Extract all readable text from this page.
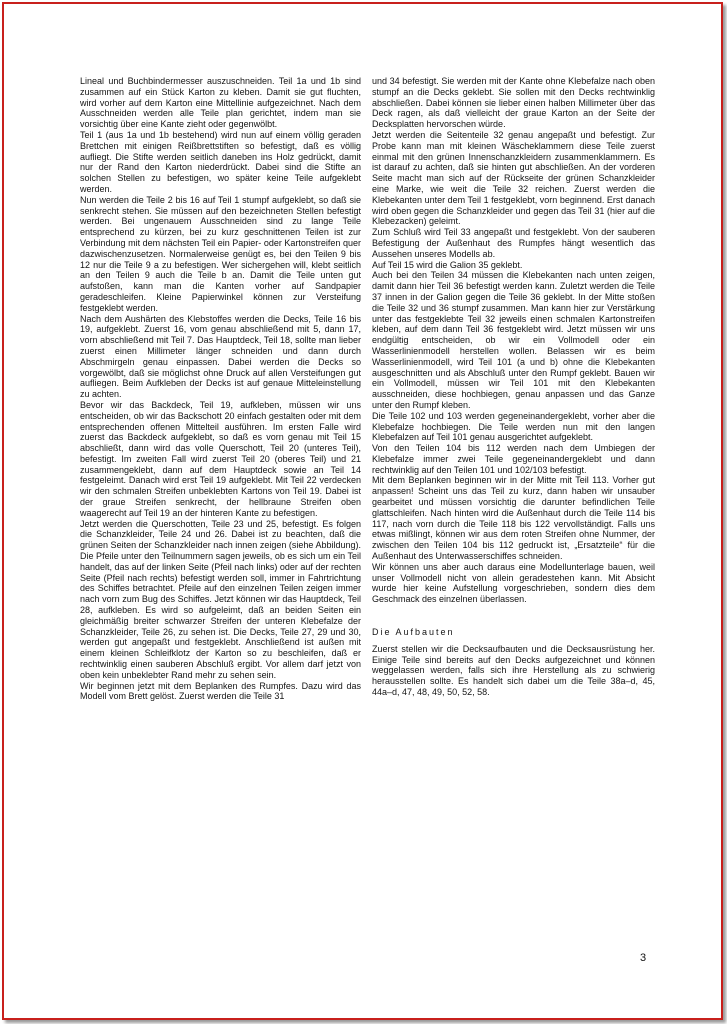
Lineal und Buchbindermesser auszuschneiden. Teil 1a und 1b sind zusammen auf ein Stück Karton zu kleben. Damit sie gut fluchten, wird vorher auf dem Karton eine Mittellinie aufgezeichnet. Nach dem Ausschneiden werden alle Teile plan gerichtet, indem man sie vorsichtig über eine Kante zieht oder gegenwölbt.

Teil 1 (aus 1a und 1b bestehend) wird nun auf einem völlig geraden Brettchen mit einigen Reißbrettstiften so befestigt, daß es völlig aufliegt. Die Stifte werden seitlich daneben ins Holz gedrückt, damit nur der Rand den Karton niederdrückt. Dabei sind die Stifte an solchen Stellen zu befestigen, wo später keine Teile aufgeklebt werden.

Nun werden die Teile 2 bis 16 auf Teil 1 stumpf aufgeklebt, so daß sie senkrecht stehen. Sie müssen auf den bezeichneten Stellen befestigt werden. Bei ungenauem Ausschneiden sind zu lange Teile entsprechend zu kürzen, bei zu kurz geschnittenen Teilen ist zur Verbindung mit dem nächsten Teil ein Papier- oder Kartonstreifen quer dazwischenzusetzen. Normalerweise genügt es, bei den Teilen 9 bis 12 nur die Teile 9 a zu befestigen. Wer sichergehen will, klebt seitlich an den Teilen 9 auch die Teile b an. Damit die Teile unten gut aufstoßen, kann man die Kanten vorher auf Sandpapier geradeschleifen. Kleine Papierwinkel können zur Versteifung festgeklebt werden.

Nach dem Aushärten des Klebstoffes werden die Decks, Teile 16 bis 19, aufgeklebt. Zuerst 16, vom genau abschließend mit 5, dann 17, vorn abschließend mit Teil 7. Das Hauptdeck, Teil 18, sollte man lieber zuerst einen Millimeter länger schneiden und dann durch Abschmirgeln genau einpassen. Dabei werden die Decks so vorgewölbt, daß sie möglichst ohne Druck auf allen Versteifungen gut aufliegen. Beim Aufkleben der Decks ist auf genaue Mitteleinstellung zu achten.

Bevor wir das Backdeck, Teil 19, aufkleben, müssen wir uns entscheiden, ob wir das Backschott 20 einfach gestalten oder mit dem entsprechenden offenen Mittelteil ausführen. Im ersten Falle wird zuerst das Backdeck aufgeklebt, so daß es vorn genau mit Teil 15 abschließt, dann wird das volle Querschott, Teil 20 (unteres Teil), befestigt. Im zweiten Fall wird zuerst Teil 20 (oberes Teil) und 21 zusammengeklebt, dann auf dem Hauptdeck sowie an Teil 14 festgeleimt. Danach wird erst Teil 19 aufgeklebt. Mit Teil 22 verdecken wir den schmalen Streifen unbeklebten Kartons von Teil 19. Dabei ist der graue Streifen senkrecht, der hellbraune Streifen oben waagerecht auf Teil 19 an der hinteren Kante zu befestigen.

Jetzt werden die Querschotten, Teile 23 und 25, befestigt. Es folgen die Schanzkleider, Teile 24 und 26. Dabei ist zu beachten, daß die grünen Seiten der Schanzkleider nach innen zeigen (siehe Abbildung). Die Pfeile unter den Teilnummern sagen jeweils, ob es sich um ein Teil handelt, das auf der linken Seite (Pfeil nach links) oder auf der rechten Seite (Pfeil nach rechts) befestigt werden soll, immer in Fahrtrichtung des Schiffes betrachtet. Pfeile auf den einzelnen Teilen zeigen immer nach vorn zum Bug des Schiffes. Jetzt können wir das Hauptdeck, Teil 28, aufkleben. Es wird so aufgeleimt, daß an beiden Seiten ein gleichmäßig breiter schwarzer Streifen der unteren Klebefalze der Schanzkleider, Teile 26, zu sehen ist. Die Decks, Teile 27, 29 und 30, werden gut angepaßt und festgeklebt. Anschließend ist außen mit einem kleinen Schleifklotz der Karton so zu beschleifen, daß er rechtwinklig einen sauberen Abschluß ergibt. Vor allem darf jetzt von oben kein unbeklebter Rand mehr zu sehen sein.

Wir beginnen jetzt mit dem Beplanken des Rumpfes. Dazu wird das Modell vom Brett gelöst. Zuerst werden die Teile 31

und 34 befestigt. Sie werden mit der Kante ohne Klebefalze nach oben stumpf an die Decks geklebt. Sie sollen mit den Decks rechtwinklig abschließen. Dabei können sie lieber einen halben Millimeter über das Deck ragen, als daß vielleicht der graue Karton an der Seite der Decksplatten hervorschen würde.

Jetzt werden die Seitenteile 32 genau angepaßt und befestigt. Zur Probe kann man mit kleinen Wäscheklammern diese Teile zuerst einmal mit den grünen Innenschanzkleidern zusammenklammern. Es ist darauf zu achten, daß sie hinten gut abschließen. An der vorderen Seite macht man sich auf der Rückseite der grünen Schanzkleider eine Marke, wie weit die Teile 32 reichen. Zuerst werden die Klebekanten unter dem Teil 1 festgeklebt, vorn beginnend. Erst danach wird oben gegen die Schanzkleider und gegen das Teil 31 (hier auf die Klebezacken) geleimt.

Zum Schluß wird Teil 33 angepaßt und festgeklebt. Von der sauberen Befestigung der Außenhaut des Rumpfes hängt wesentlich das Aussehen unseres Modells ab.

Auf Teil 15 wird die Galion 35 geklebt.

Auch bei den Teilen 34 müssen die Klebekanten nach unten zeigen, damit dann hier Teil 36 befestigt werden kann. Zuletzt werden die Teile 37 innen in der Galion gegen die Teile 36 geklebt. In der Mitte stoßen die Teile 32 und 36 stumpf zusammen. Man kann hier zur Verstärkung unter das festgeklebte Teil 32 jeweils einen schmalen Kartonstreifen kleben, auf dem dann Teil 36 festgeklebt wird. Jetzt müssen wir uns endgültig entscheiden, ob wir ein Vollmodell oder ein Wasserlinienmodell herstellen wollen. Belassen wir es beim Wasserlinienmodell, wird Teil 101 (a und b) ohne die Klebekanten ausgeschnitten und als Abschluß unter den Rumpf geklebt. Bauen wir ein Vollmodell, müssen wir Teil 101 mit den Klebekanten ausschneiden, diese hochbiegen, genau anpassen und das Ganze unter den Rumpf kleben.

Die Teile 102 und 103 werden gegeneinandergeklebt, vorher aber die Klebefalze hochbiegen. Die Teile werden nun mit den langen Klebefalzen auf Teil 101 genau ausgerichtet aufgeklebt.

Von den Teilen 104 bis 112 werden nach dem Umbiegen der Klebefalze immer zwei Teile gegeneinandergeklebt und dann rechtwinklig auf den Teilen 101 und 102/103 befestigt.

Mit dem Beplanken beginnen wir in der Mitte mit Teil 113. Vorher gut anpassen! Scheint uns das Teil zu kurz, dann haben wir unsauber gearbeitet und müssen vorsichtig die darunter befindlichen Teile glattschleifen. Nach hinten wird die Außenhaut durch die Teile 114 bis 117, nach vorn durch die Teile 118 bis 122 vervollständigt. Falls uns etwas mißlingt, können wir aus dem roten Streifen ohne Nummer, der zwischen den Teilen 104 bis 112 gedruckt ist, „Ersatzteile“ für die Außenhaut des Unterwasserschiffes schneiden.

Wir können uns aber auch daraus eine Modellunterlage bauen, weil unser Vollmodell nicht von allein geradestehen kann. Mit Absicht wurde hier keine Aufstellung vorgeschrieben, sondern dies dem Geschmack des einzelnen überlassen.

Die Aufbauten

Zuerst stellen wir die Decksaufbauten und die Decksausrüstung her. Einige Teile sind bereits auf den Decks aufgezeichnet und können weggelassen werden, falls sich ihre Herstellung als zu schwierig herausstellen sollte. Es handelt sich dabei um die Teile 38a–d, 45, 44a–d, 47, 48, 49, 50, 52, 58.

3
